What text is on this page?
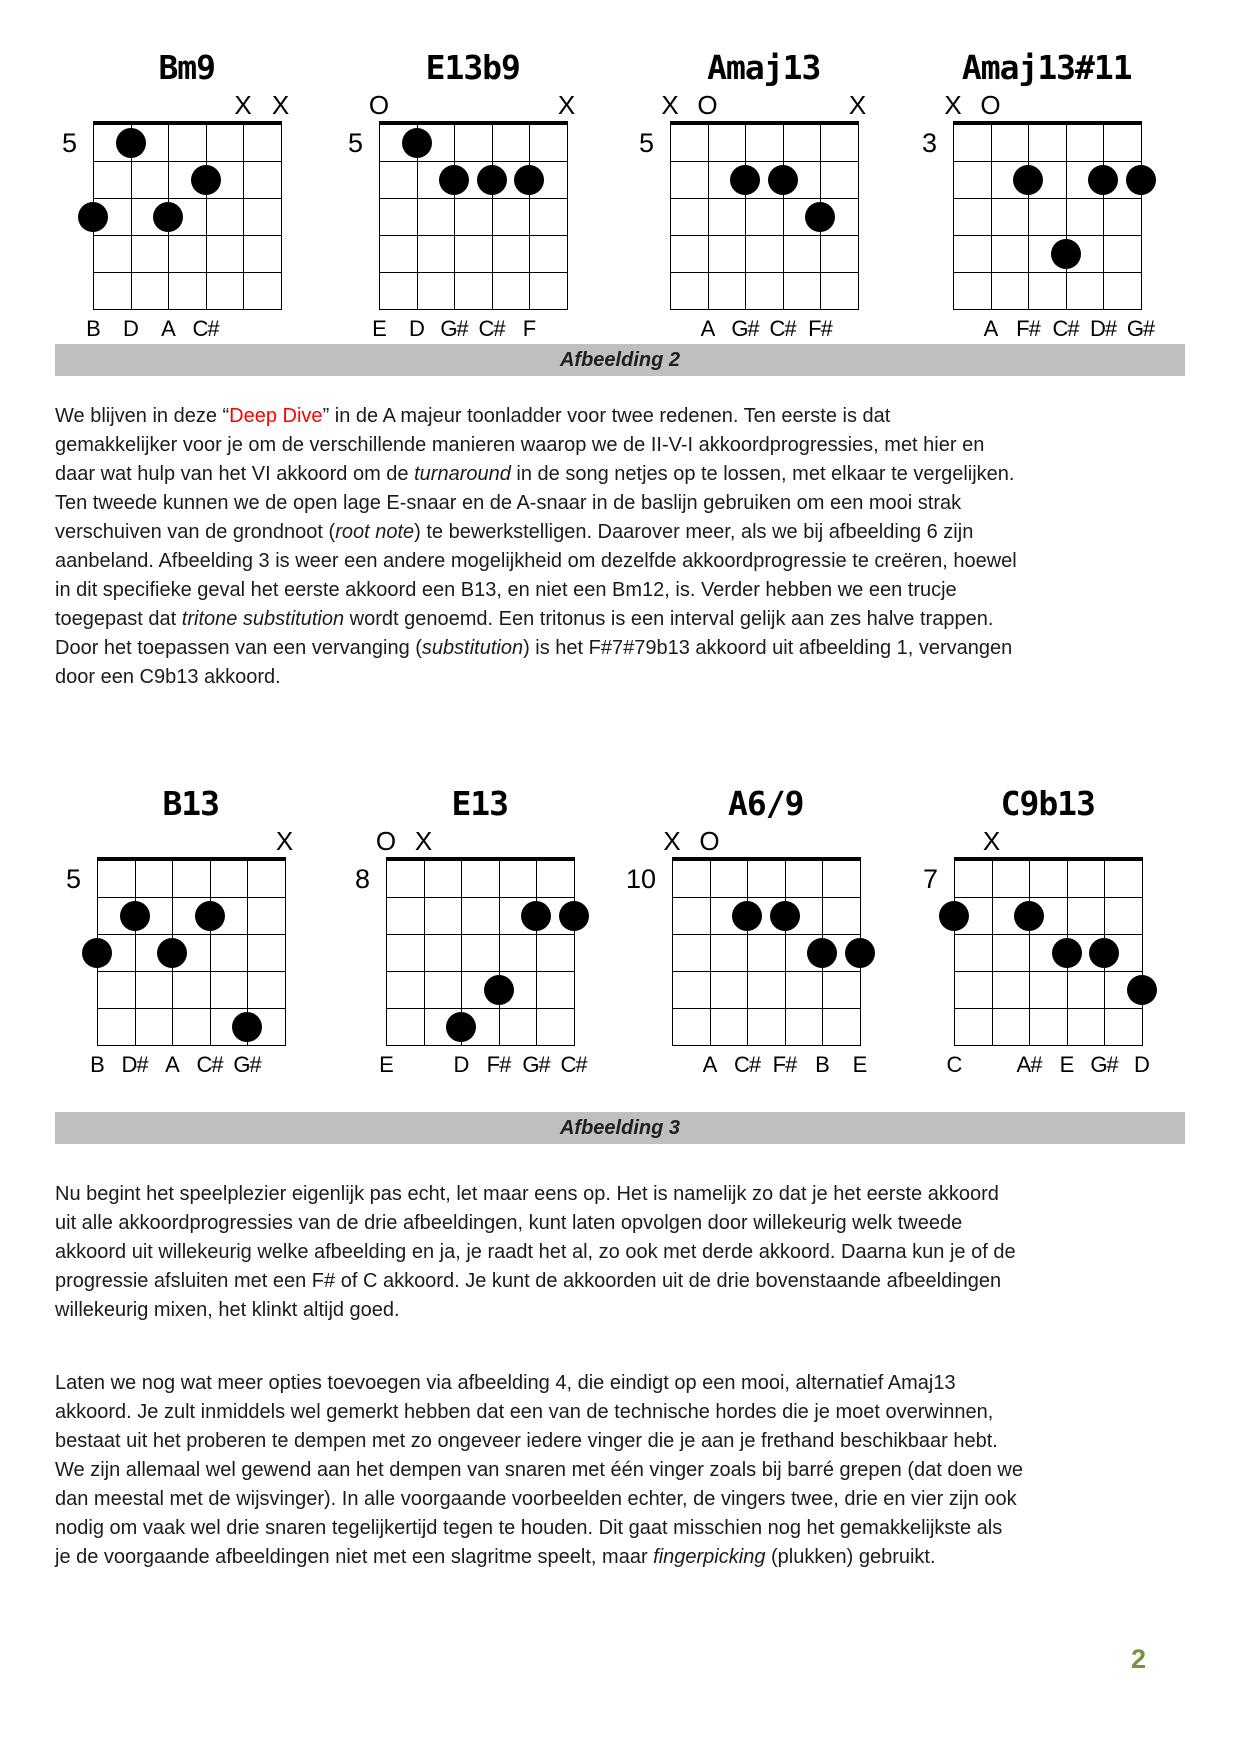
Afbeelding 2
Afbeelding 3
2
Bm9
5
X X
B	D	A C#
E13b9
5
O	X
E	D G# C# F
Amaj13
5
X O	X
A G# C# F#
Amaj13#11
3
X O
A F# C# D# G#
B13
5
X
B D# A C# G#
E13
8
O X
E	D F# G# C#
A6/9
10
X O
A C# F# B	E
C9b13
7
X
C	A# E G# D
We blijven in deze “Deep Dive” in de A majeur toonladder voor twee redenen. Ten eerste is dat
gemakkelijker voor je om de verschillende manieren waarop we de II-V-I akkoordprogressies, met hier en
daar wat hulp van het VI akkoord om de turnaround in de song netjes op te lossen, met elkaar te vergelijken.
Ten tweede kunnen we de open lage E-snaar en de A-snaar in de baslijn gebruiken om een mooi strak
verschuiven van de grondnoot (root note) te bewerkstelligen. Daarover meer, als we bij afbeelding 6 zijn
aanbeland. Afbeelding 3 is weer een andere mogelijkheid om dezelfde akkoordprogressie te creëren, hoewel
in dit specifieke geval het eerste akkoord een B13, en niet een Bm12, is. Verder hebben we een trucje
toegepast dat tritone substitution wordt genoemd. Een tritonus is een interval gelijk aan zes halve trappen.
Door het toepassen van een vervanging (substitution) is het F#7#79b13 akkoord uit afbeelding 1, vervangen
door een C9b13 akkoord.
Nu begint het speelplezier eigenlijk pas echt, let maar eens op. Het is namelijk zo dat je het eerste akkoord
uit alle akkoordprogressies van de drie afbeeldingen, kunt laten opvolgen door willekeurig welk tweede
akkoord uit willekeurig welke afbeelding en ja, je raadt het al, zo ook met derde akkoord. Daarna kun je of de
progressie afsluiten met een F# of C akkoord. Je kunt de akkoorden uit de drie bovenstaande afbeeldingen
willekeurig mixen, het klinkt altijd goed.
Laten we nog wat meer opties toevoegen via afbeelding 4, die eindigt op een mooi, alternatief Amaj13
akkoord. Je zult inmiddels wel gemerkt hebben dat een van de technische hordes die je moet overwinnen,
bestaat uit het proberen te dempen met zo ongeveer iedere vinger die je aan je frethand beschikbaar hebt.
We zijn allemaal wel gewend aan het dempen van snaren met één vinger zoals bij barré grepen (dat doen we
dan meestal met de wijsvinger). In alle voorgaande voorbeelden echter, de vingers twee, drie en vier zijn ook
nodig om vaak wel drie snaren tegelijkertijd tegen te houden. Dit gaat misschien nog het gemakkelijkste als
je de voorgaande afbeeldingen niet met een slagritme speelt, maar fingerpicking (plukken) gebruikt.
